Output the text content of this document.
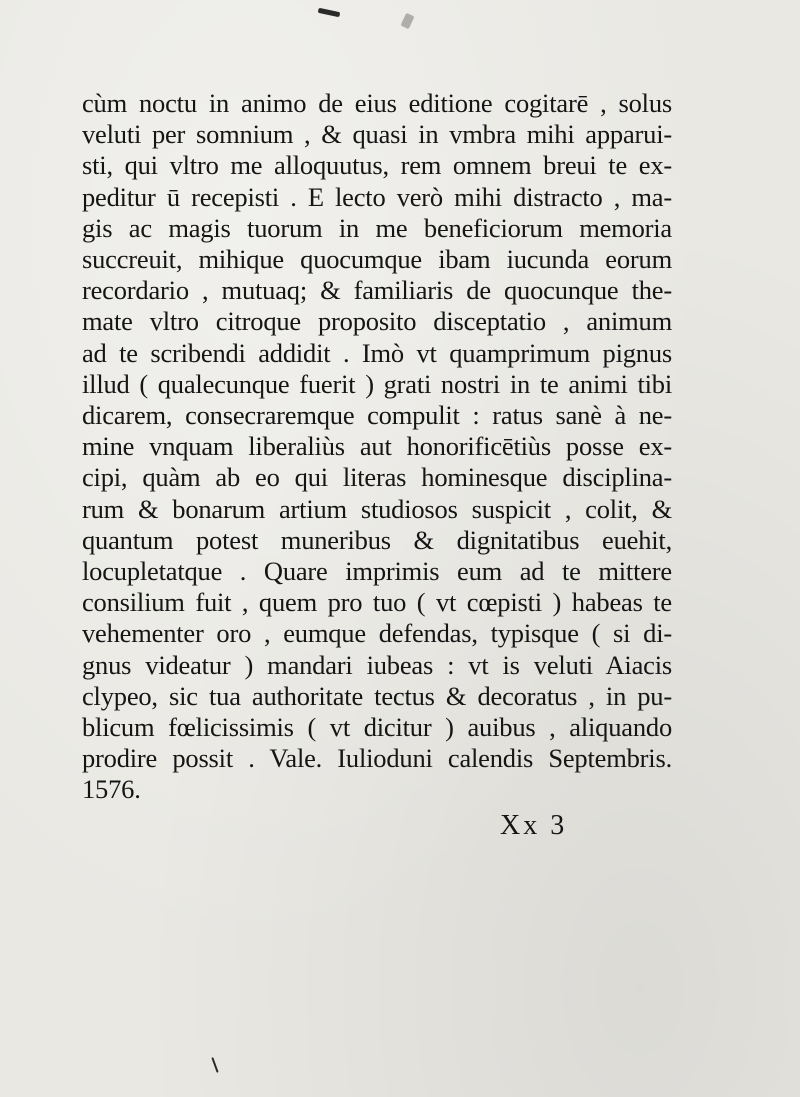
cùm noctu in animo de eius editione cogitarē , solus
veluti per somnium , & quasi in vmbra mihi apparui-
sti, qui vltro me alloquutus, rem omnem breui te ex-
peditur ū recepisti . E lecto verò mihi distracto , ma-
gis ac magis tuorum in me beneficiorum memoria
succreuit, mihique quocumque ibam iucunda eorum
recordario , mutuaq; & familiaris de quocunque the-
mate vltro citroque proposito disceptatio , animum
ad te scribendi addidit . Imò vt quamprimum pignus
illud ( qualecunque fuerit ) grati nostri in te animi tibi
dicarem, consecraremque compulit : ratus sanè à ne-
mine vnquam liberaliùs aut honorificētiùs posse ex-
cipi, quàm ab eo qui literas hominesque disciplina-
rum & bonarum artium studiosos suspicit , colit, &
quantum potest muneribus & dignitatibus euehit,
locupletatque . Quare imprimis eum ad te mittere
consilium fuit , quem pro tuo ( vt cœpisti ) habeas te
vehementer oro , eumque defendas, typisque ( si di-
gnus videatur ) mandari iubeas : vt is veluti Aiacis
clypeo, sic tua authoritate tectus & decoratus , in pu-
blicum fœlicissimis ( vt dicitur ) auibus , aliquando
prodire possit . Vale. Iulioduni calendis Septembris.
1576.

Xx 3
